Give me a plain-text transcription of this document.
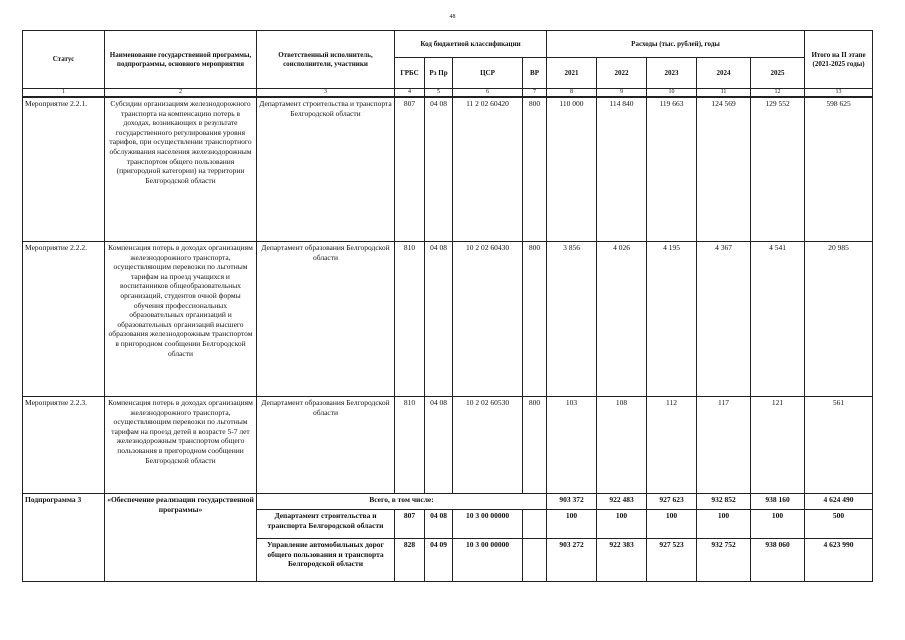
48
Статус	Наименование государственной программы, подпрограммы, основного мероприятия	Ответственный исполнитель, соисполнители, участники	Код бюджетной классификации				Расходы (тыс. рублей), годы					Итого на II этапе (2021-2025 годы)
			ГРБС	Рз Пр	ЦСР	ВР	2021	2022	2023	2024	2025	
1	2	3	4	5	6	7	8	9	10	11	12	13
Мероприятие 2.2.1.	Субсидии организациям железнодорожного транспорта на компенсацию потерь в доходах, возникающих в результате государственного регулирования уровня тарифов, при осуществлении транспортного обслуживания населения железнодорожным транспортом общего пользования (пригородной категории) на территории Белгородской области	Департамент строительства и транспорта Белгородской области	807	04 08	11 2 02 60420	800	110 000	114 840	119 663	124 569	129 552	598 625
Мероприятие 2.2.2.	Компенсация потерь в доходах организациям железнодорожного транспорта, осуществляющим перевозки по льготным тарифам на проезд учащихся и воспитанников общеобразовательных организаций, студентов очной формы обучения профессиональных образовательных организаций и образовательных организаций высшего образования железнодорожным транспортом в пригородном сообщении Белгородской области	Департамент образования Белгородской области	810	04 08	10 2 02 60430	800	3 856	4 026	4 195	4 367	4 541	20 985
Мероприятие 2.2.3.	Компенсация потерь в доходах организациям железнодорожного транспорта, осуществляющим перевозки по льготным тарифам на проезд детей в возрасте 5-7 лет железнодорожным транспортом общего пользования в пригородном сообщении Белгородской области	Департамент образования Белгородской области	810	04 08	10 2 02 60530	800	103	108	112	117	121	561
Подпрограмма 3	«Обеспечение реализации государственной программы»	Всего, в том числе:					903 372	922 483	927 623	932 852	938 160	4 624 490
		Департамент строительства и транспорта Белгородской области	807	04 08	10 3 00 00000		100	100	100	100	100	500
		Управление автомобильных дорог общего пользования и транспорта Белгородской области	828	04 09	10 3 00 00000		903 272	922 383	927 523	932 752	938 060	4 623 990
